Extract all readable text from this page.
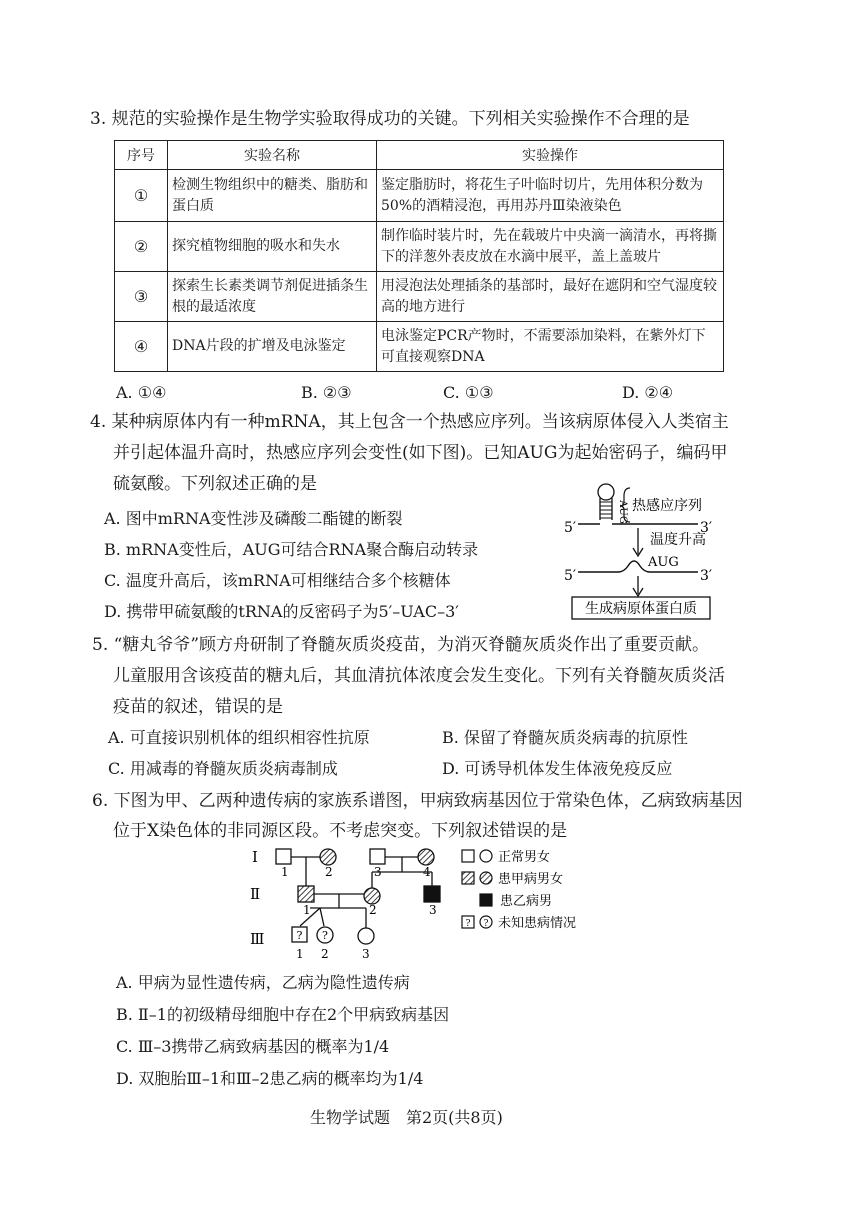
3. 规范的实验操作是生物学实验取得成功的关键。下列相关实验操作不合理的是
序号	实验名称	实验操作
①	检测生物组织中的糖类、脂肪和蛋白质	鉴定脂肪时，将花生子叶临时切片，先用体积分数为50%的酒精浸泡，再用苏丹Ⅲ染液染色
②	探究植物细胞的吸水和失水	制作临时装片时，先在载玻片中央滴一滴清水，再将撕下的洋葱外表皮放在水滴中展平，盖上盖玻片
③	探索生长素类调节剂促进插条生根的最适浓度	用浸泡法处理插条的基部时，最好在遮阴和空气湿度较高的地方进行
④	DNA片段的扩增及电泳鉴定	电泳鉴定PCR产物时，不需要添加染料，在紫外灯下可直接观察DNA
A. ①④	B. ②③	C. ①③	D. ②④
4. 某种病原体内有一种mRNA，其上包含一个热感应序列。当该病原体侵入人类宿主
并引起体温升高时，热感应序列会变性(如下图)。已知AUG为起始密码子，编码甲
硫氨酸。下列叙述正确的是
A. 图中mRNA变性涉及磷酸二酯键的断裂
B. mRNA变性后，AUG可结合RNA聚合酶启动转录
C. 温度升高后，该mRNA可相继结合多个核糖体
D. 携带甲硫氨酸的tRNA的反密码子为5′–UAC–3′
AUG 热感应序列
5′	3′
温度升高
5′
AUG
3′
生成病原体蛋白质
5. “糖丸爷爷”顾方舟研制了脊髓灰质炎疫苗，为消灭脊髓灰质炎作出了重要贡献。
儿童服用含该疫苗的糖丸后，其血清抗体浓度会发生变化。下列有关脊髓灰质炎活
疫苗的叙述，错误的是
A. 可直接识别机体的组织相容性抗原	B. 保留了脊髓灰质炎病毒的抗原性
C. 用减毒的脊髓灰质炎病毒制成	D. 可诱导机体发生体液免疫反应
6. 下图为甲、乙两种遗传病的家族系谱图，甲病致病基因位于常染色体，乙病致病基因
位于X染色体的非同源区段。不考虑突变。下列叙述错误的是
Ⅰ
Ⅱ
Ⅲ
1	2	3	4
1	2	3
? ?
1 2	3
正常男女
患甲病男女
患乙病男
? ? 未知患病情况
A. 甲病为显性遗传病，乙病为隐性遗传病
B. Ⅱ–1的初级精母细胞中存在2个甲病致病基因
C. Ⅲ–3携带乙病致病基因的概率为1/4
D. 双胞胎Ⅲ–1和Ⅲ–2患乙病的概率均为1/4
生物学试题　第2页(共8页)
